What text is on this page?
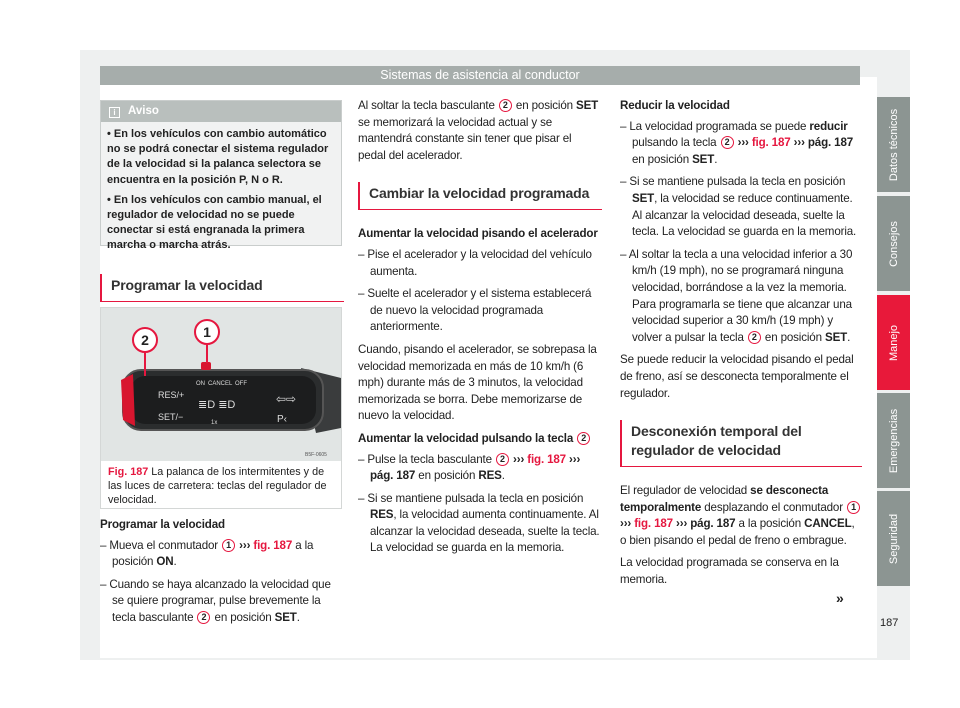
Sistemas de asistencia al conductor
i Aviso

• En los vehículos con cambio automático no se podrá conectar el sistema regulador de la velocidad si la palanca selectora se encuentra en la posición P, N o R.

• En los vehículos con cambio manual, el regulador de velocidad no se puede conectar si está engranada la primera marcha o marcha atrás.

Programar la velocidad
2	1
RES/+
SET/−
ON CANCEL OFF
1x
⇦⇨
P‹
≣D ≣D
B5F-0605
Fig. 187 La palanca de los intermitentes y de las luces de carretera: teclas del regulador de velocidad.

Programar la velocidad

– Mueva el conmutador 1 ››› fig. 187 a la posición ON.

– Cuando se haya alcanzado la velocidad que se quiere programar, pulse brevemente la tecla basculante 2 en posición SET.

Al soltar la tecla basculante 2 en posición SET se memorizará la velocidad actual y se mantendrá constante sin tener que pisar el pedal del acelerador.

Cambiar la velocidad programada

Aumentar la velocidad pisando el acelerador

– Pise el acelerador y la velocidad del vehículo aumenta.

– Suelte el acelerador y el sistema establecerá de nuevo la velocidad programada anteriormente.

Cuando, pisando el acelerador, se sobrepasa la velocidad memorizada en más de 10 km/h (6 mph) durante más de 3 minutos, la velocidad memorizada se borra. Debe memorizarse de nuevo la velocidad.

Aumentar la velocidad pulsando la tecla 2

– Pulse la tecla basculante 2 ››› fig. 187 ››› pág. 187 en posición RES.

– Si se mantiene pulsada la tecla en posición RES, la velocidad aumenta continuamente. Al alcanzar la velocidad deseada, suelte la tecla. La velocidad se guarda en la memoria.

Reducir la velocidad

– La velocidad programada se puede reducir pulsando la tecla 2 ››› fig. 187 ››› pág. 187 en posición SET.

– Si se mantiene pulsada la tecla en posición SET, la velocidad se reduce continuamente. Al alcanzar la velocidad deseada, suelte la tecla. La velocidad se guarda en la memoria.

– Al soltar la tecla a una velocidad inferior a 30 km/h (19 mph), no se programará ninguna velocidad, borrándose a la vez la memoria. Para programarla se tiene que alcanzar una velocidad superior a 30 km/h (19 mph) y volver a pulsar la tecla 2 en posición SET.

Se puede reducir la velocidad pisando el pedal de freno, así se desconecta temporalmente el regulador.

Desconexión temporal del regulador de velocidad

El regulador de velocidad se desconecta temporalmente desplazando el conmutador 1 ››› fig. 187 ››› pág. 187 a la posición CANCEL, o bien pisando el pedal de freno o embrague.

La velocidad programada se conserva en la memoria.

»
Datos técnicos
Consejos
Manejo
Emergencias
Seguridad
187
